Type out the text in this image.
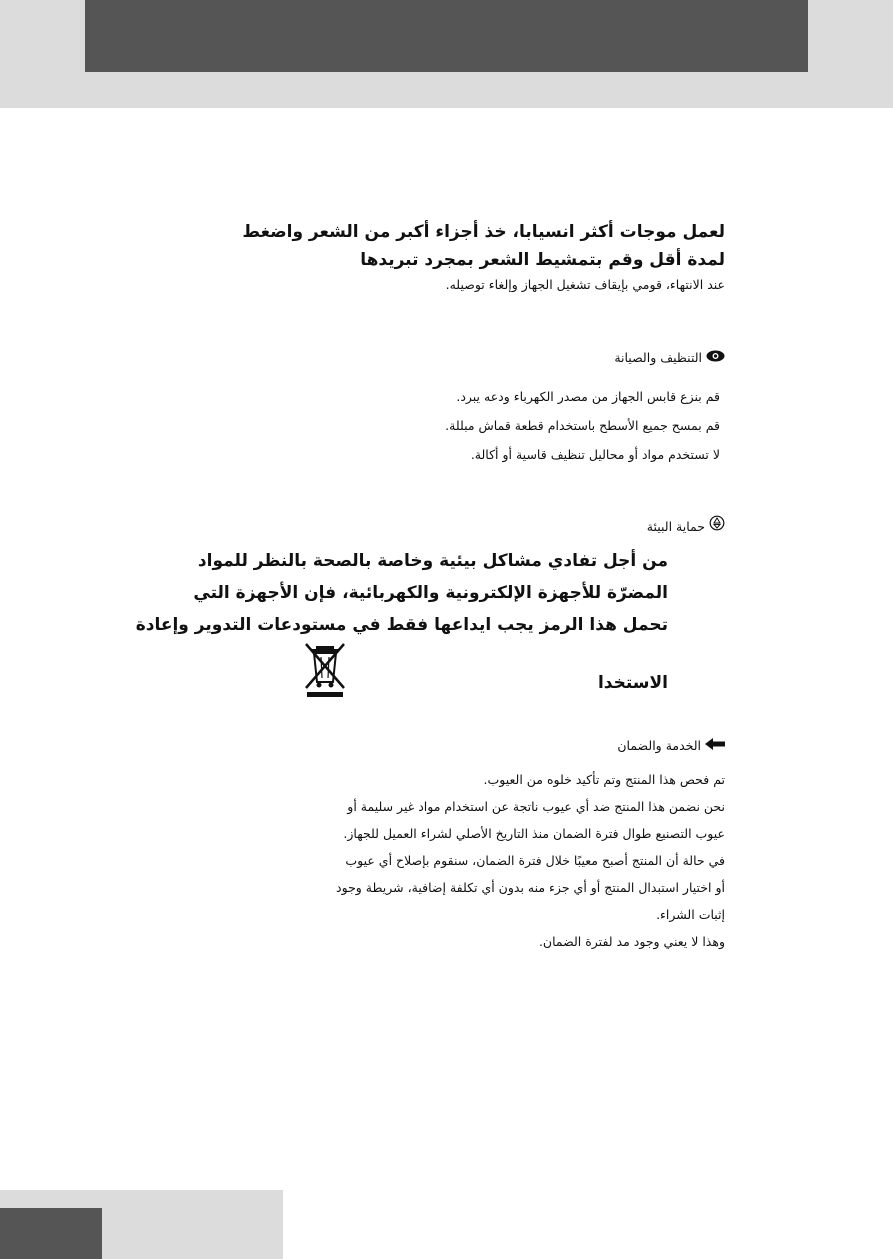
لعمل موجات أكثر انسيابا، خذ أجزاء أكبر من الشعر واضغط
لمدة أقل وقم بتمشيط الشعر بمجرد تبريدها
عند الانتهاء، قومي بإيقاف تشغيل الجهاز وإلغاء توصيله.
التنظيف والصيانة
قم بنزع قابس الجهاز من مصدر الكهرباء ودعه يبرد.
قم بمسح جميع الأسطح باستخدام قطعة قماش مبللة.
لا تستخدم مواد أو محاليل تنظيف قاسية أو أكالة.
حماية البيئة
من أجل تفادي مشاكل بيئية وخاصة بالصحة بالنظر للمواد
المضرّة للأجهزة الإلكترونية والكهربائية، فإن الأجهزة التي
تحمل هذا الرمز يجب ايداعها فقط في مستودعات التدوير وإعادة
الاستخدا
الخدمة والضمان
تم فحص هذا المنتج وتم تأكيد خلوه من العيوب.
نحن نضمن هذا المنتج ضد أي عيوب ناتجة عن استخدام مواد غير سليمة أو
عيوب التصنيع طوال فترة الضمان منذ التاريخ الأصلي لشراء العميل للجهاز.
في حالة أن المنتج أصبح معيبًا خلال فترة الضمان، سنقوم بإصلاح أي عيوب
أو اختيار استبدال المنتج أو أي جزء منه بدون أي تكلفة إضافية، شريطة وجود
إثبات الشراء.
وهذا لا يعني وجود مد لفترة الضمان.
